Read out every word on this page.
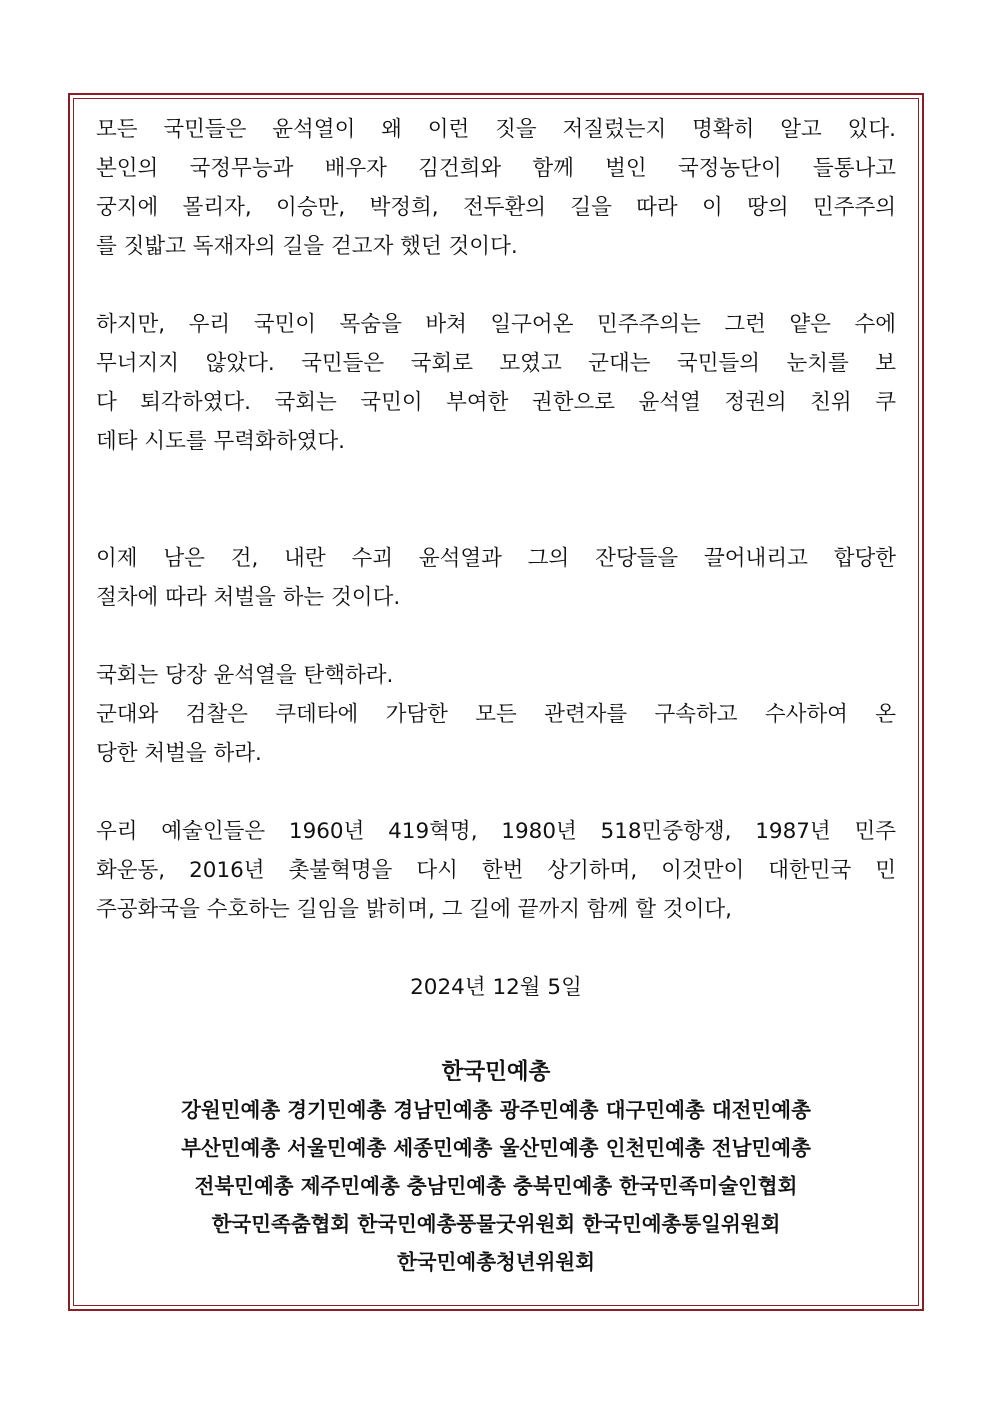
모든 국민들은 윤석열이 왜 이런 짓을 저질렀는지 명확히 알고 있다.
본인의 국정무능과 배우자 김건희와 함께 벌인 국정농단이 들통나고
궁지에 몰리자, 이승만, 박정희, 전두환의 길을 따라 이 땅의 민주주의
를 짓밟고 독재자의 길을 걷고자 했던 것이다.

하지만, 우리 국민이 목숨을 바쳐 일구어온 민주주의는 그런 얕은 수에
무너지지 않았다. 국민들은 국회로 모였고 군대는 국민들의 눈치를 보
다 퇴각하였다. 국회는 국민이 부여한 권한으로 윤석열 정권의 친위 쿠
데타 시도를 무력화하였다.

이제 남은 건, 내란 수괴 윤석열과 그의 잔당들을 끌어내리고 합당한
절차에 따라 처벌을 하는 것이다.

국회는 당장 윤석열을 탄핵하라.
군대와 검찰은 쿠데타에 가담한 모든 관련자를 구속하고 수사하여 온
당한 처벌을 하라.

우리 예술인들은 1960년 419혁명, 1980년 518민중항쟁, 1987년 민주
화운동, 2016년 촛불혁명을 다시 한번 상기하며, 이것만이 대한민국 민
주공화국을 수호하는 길임을 밝히며, 그 길에 끝까지 함께 할 것이다,

2024년 12월 5일

한국민예총

강원민예총 경기민예총 경남민예총 광주민예총 대구민예총 대전민예총

부산민예총 서울민예총 세종민예총 울산민예총 인천민예총 전남민예총

전북민예총 제주민예총 충남민예총 충북민예총 한국민족미술인협회

한국민족춤협회 한국민예총풍물굿위원회 한국민예총통일위원회

한국민예총청년위원회
